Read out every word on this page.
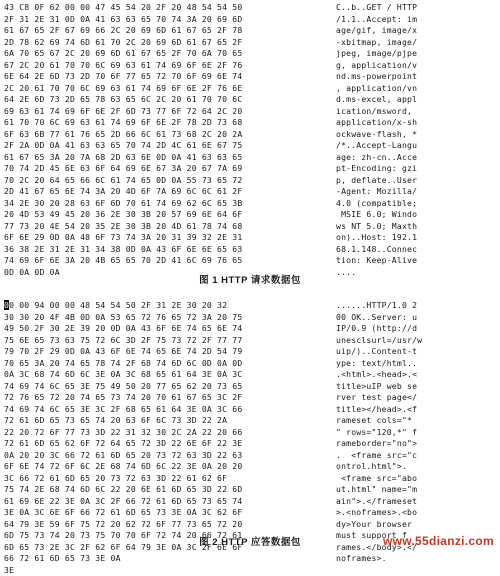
43 C8 0F 62 00 00 47 45 54 20 2F 20 48 54 54 50
2F 31 2E 31 0D 0A 41 63 63 65 70 74 3A 20 69 6D
61 67 65 2F 67 69 66 2C 20 69 6D 61 67 65 2F 78
2D 78 62 69 74 6D 61 70 2C 20 69 6D 61 67 65 2F
6A 70 65 67 2C 20 69 6D 61 67 65 2F 70 6A 70 65
67 2C 20 61 70 70 6C 69 63 61 74 69 6F 6E 2F 76
6E 64 2E 6D 73 2D 70 6F 77 65 72 70 6F 69 6E 74
2C 20 61 70 70 6C 69 63 61 74 69 6F 6E 2F 76 6E
64 2E 6D 73 2D 65 78 63 65 6C 2C 20 61 70 70 6C
69 63 61 74 69 6F 6E 2F 6D 73 77 6F 72 64 2C 20
61 70 70 6C 69 63 61 74 69 6F 6E 2F 78 2D 73 68
6F 63 6B 77 61 76 65 2D 66 6C 61 73 68 2C 20 2A
2F 2A 0D 0A 41 63 63 65 70 74 2D 4C 61 6E 67 75
61 67 65 3A 20 7A 68 2D 63 6E 0D 0A 41 63 63 65
70 74 2D 45 6E 63 6F 64 69 6E 67 3A 20 67 7A 69
70 2C 20 64 65 66 6C 61 74 65 0D 0A 55 73 65 72
2D 41 67 65 6E 74 3A 20 4D 6F 7A 69 6C 6C 61 2F
34 2E 30 20 28 63 6F 6D 70 61 74 69 62 6C 65 3B
20 4D 53 49 45 20 36 2E 30 3B 20 57 69 6E 64 6F
77 73 20 4E 54 20 35 2E 30 3B 20 4D 61 78 74 68
6F 6E 29 0D 0A 48 6F 73 74 3A 20 31 39 32 2E 31
36 38 2E 31 2E 31 34 38 0D 0A 43 6F 6E 6E 65 63
74 69 6F 6E 3A 20 4B 65 65 70 2D 41 6C 69 76 65
0D 0A 0D 0A
C..b..GET / HTTP
/1.1..Accept: im
age/gif, image/x
-xbitmap, image/
jpeg, image/pjpe
g, application/v
nd.ms-powerpoint
, application/vn
d.ms-excel, appl
ication/msword,
application/x-sh
ockwave-flash, *
/*..Accept-Langu
age: zh-cn..Acce
pt-Encoding: gzi
p, deflate..User
-Agent: Mozilla/
4.0 (compatible;
MSIE 6.0; Windo
ws NT 5.0; Maxth
on)..Host: 192.1
68.1.148..Connec
tion: Keep-Alive
....
图 1 HTTP 请求数据包
00 00 94 00 00 48 54 54 50 2F 31 2E 30 20 32
30 30 20 4F 4B 0D 0A 53 65 72 76 65 72 3A 20 75
49 50 2F 30 2E 39 20 0D 0A 43 6F 6E 74 65 6E 74
75 6E 65 73 63 75 72 6C 3D 2F 75 73 72 2F 77 77
79 70 2F 29 0D 0A 43 6F 6E 74 65 6E 74 2D 54 79
70 65 3A 20 74 65 78 74 2F 68 74 6D 6C 0D 0A 0D
0A 3C 68 74 6D 6C 3E 0A 3C 68 65 61 64 3E 0A 3C
74 69 74 6C 65 3E 75 49 50 20 77 65 62 20 73 65
72 76 65 72 20 74 65 73 74 20 70 61 67 65 3C 2F
74 69 74 6C 65 3E 3C 2F 68 65 61 64 3E 0A 3C 66
72 61 6D 65 73 65 74 20 63 6F 6C 73 3D 22 2A
22 20 72 6F 77 73 3D 22 31 32 30 2C 2A 22 20 66
72 61 6D 65 62 6F 72 64 65 72 3D 22 6E 6F 22 3E
0A 20 20 3C 66 72 61 6D 65 20 73 72 63 3D 22 63
6F 6E 74 72 6F 6C 2E 68 74 6D 6C 22 3E 0A 20 20
3C 66 72 61 6D 65 20 73 72 63 3D 22 61 62 6F
75 74 2E 68 74 6D 6C 22 20 6E 61 6D 65 3D 22 6D
61 69 6E 22 3E 0A 3C 2F 66 72 61 6D 65 73 65 74
3E 0A 3C 6E 6F 66 72 61 6D 65 73 3E 0A 3C 62 6F
64 79 3E 59 6F 75 72 20 62 72 6F 77 73 65 72 20
6D 75 73 74 20 73 75 70 70 6F 72 74 20 66 72 61
6D 65 73 2E 3C 2F 62 6F 64 79 3E 0A 3C 2F 6E 6F
66 72 61 6D 65 73 3E 0A
3E
......HTTP/1.0 2
00 OK..Server: u
IP/0.9 (http://d
unesclsurl=/usr/w
uip/)..Content-t
ype: text/html..
.<html>.<head>.<
title>uIP web se
rver test page</
title></head>.<f
rameset cols="*
" rows="120,*" f
rameborder="no">
.  <frame src="c
ontrol.html">.
<frame src="abo
ut.html" name="m
ain">.</frameset
>.<noframes>.<bo
dy>Your browser
must support f
rames.</body>.</
noframes>.

图 2 HTTP 应答数据包	www.55dianzi.com
